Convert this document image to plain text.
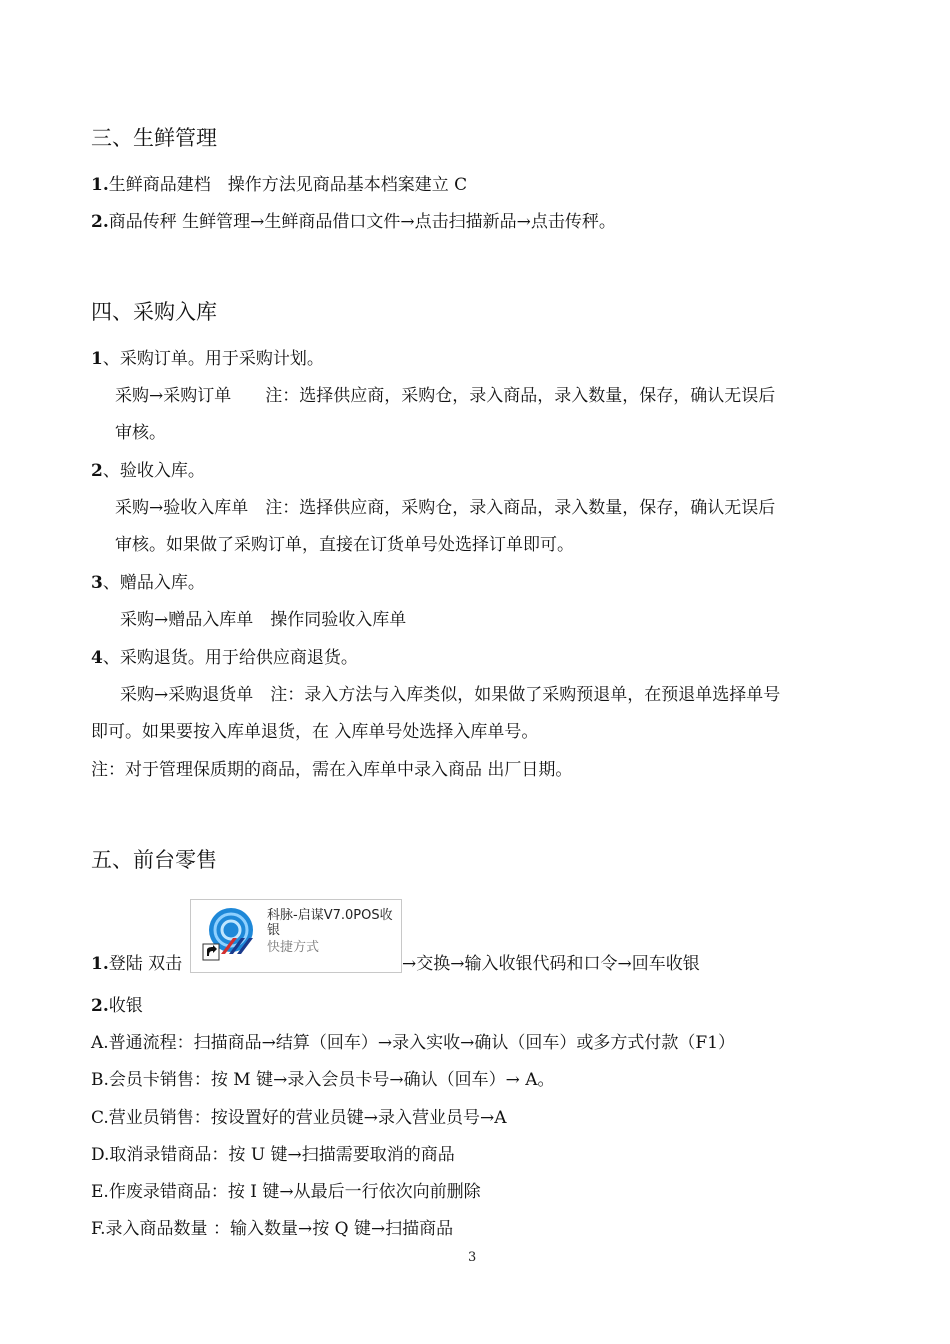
三、生鲜管理
1.生鲜商品建档　操作方法见商品基本档案建立 C
2.商品传秤 生鲜管理→生鲜商品借口文件→点击扫描新品→点击传秤。
四、采购入库
1、采购订单。用于采购计划。
采购→采购订单　　注：选择供应商，采购仓，录入商品，录入数量，保存，确认无误后
审核。
2、验收入库。
采购→验收入库单　注：选择供应商，采购仓，录入商品，录入数量，保存，确认无误后
审核。如果做了采购订单，直接在订货单号处选择订单即可。
3、赠品入库。
采购→赠品入库单　操作同验收入库单
4、采购退货。用于给供应商退货。
采购→采购退货单　注：录入方法与入库类似，如果做了采购预退单，在预退单选择单号
即可。如果要按入库单退货，在 入库单号处选择入库单号。
注：对于管理保质期的商品，需在入库单中录入商品 出厂日期。
五、前台零售
1.登陆 双击
科脉-启谋V7.0POS收银
快捷方式
→交换→输入收银代码和口令→回车收银
2.收银
A.普通流程：扫描商品→结算（回车）→录入实收→确认（回车）或多方式付款（F1）
B.会员卡销售：按 M 键→录入会员卡号→确认（回车）→ A。
C.营业员销售：按设置好的营业员键→录入营业员号→A
D.取消录错商品：按 U 键→扫描需要取消的商品
E.作废录错商品：按 I 键→从最后一行依次向前删除
F.录入商品数量 ：输入数量→按 Q 键→扫描商品
3
